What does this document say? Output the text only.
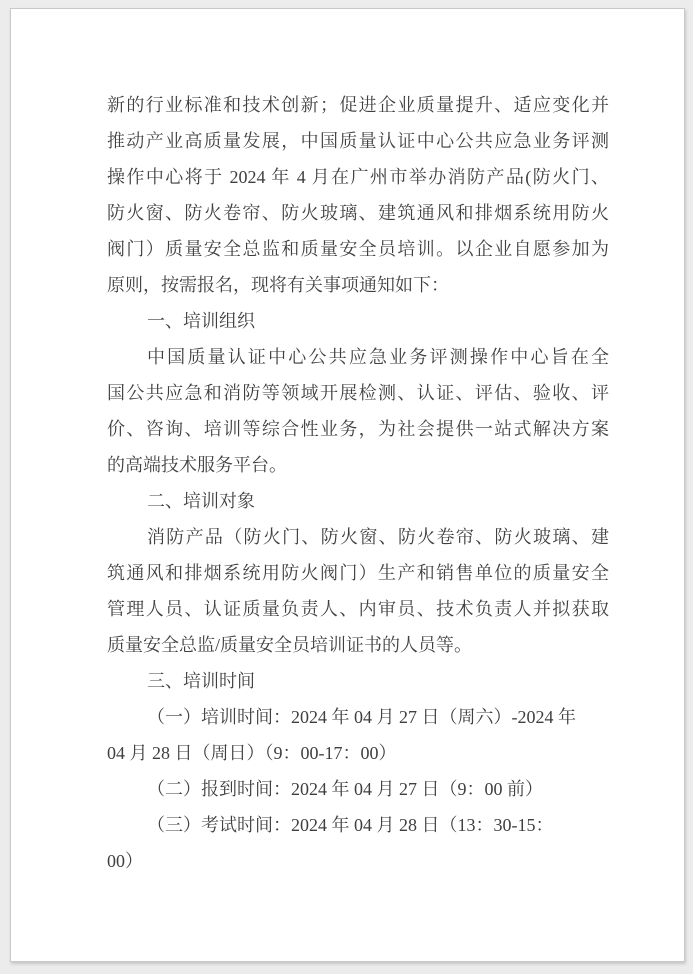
新的行业标准和技术创新；促进企业质量提升、适应变化并
推动产业高质量发展，中国质量认证中心公共应急业务评测
操作中心将于 2024 年 4 月在广州市举办消防产品(防火门、
防火窗、防火卷帘、防火玻璃、建筑通风和排烟系统用防火
阀门）质量安全总监和质量安全员培训。以企业自愿参加为
原则，按需报名，现将有关事项通知如下：
一、培训组织
中国质量认证中心公共应急业务评测操作中心旨在全
国公共应急和消防等领域开展检测、认证、评估、验收、评
价、咨询、培训等综合性业务，为社会提供一站式解决方案
的高端技术服务平台。
二、培训对象
消防产品（防火门、防火窗、防火卷帘、防火玻璃、建
筑通风和排烟系统用防火阀门）生产和销售单位的质量安全
管理人员、认证质量负责人、内审员、技术负责人并拟获取
质量安全总监/质量安全员培训证书的人员等。
三、培训时间
（一）培训时间：2024 年 04 月 27 日（周六）-2024 年
04 月 28 日（周日）（9：00-17：00）
（二）报到时间：2024 年 04 月 27 日（9：00 前）
（三）考试时间：2024 年 04 月 28 日（13：30-15：
00）
